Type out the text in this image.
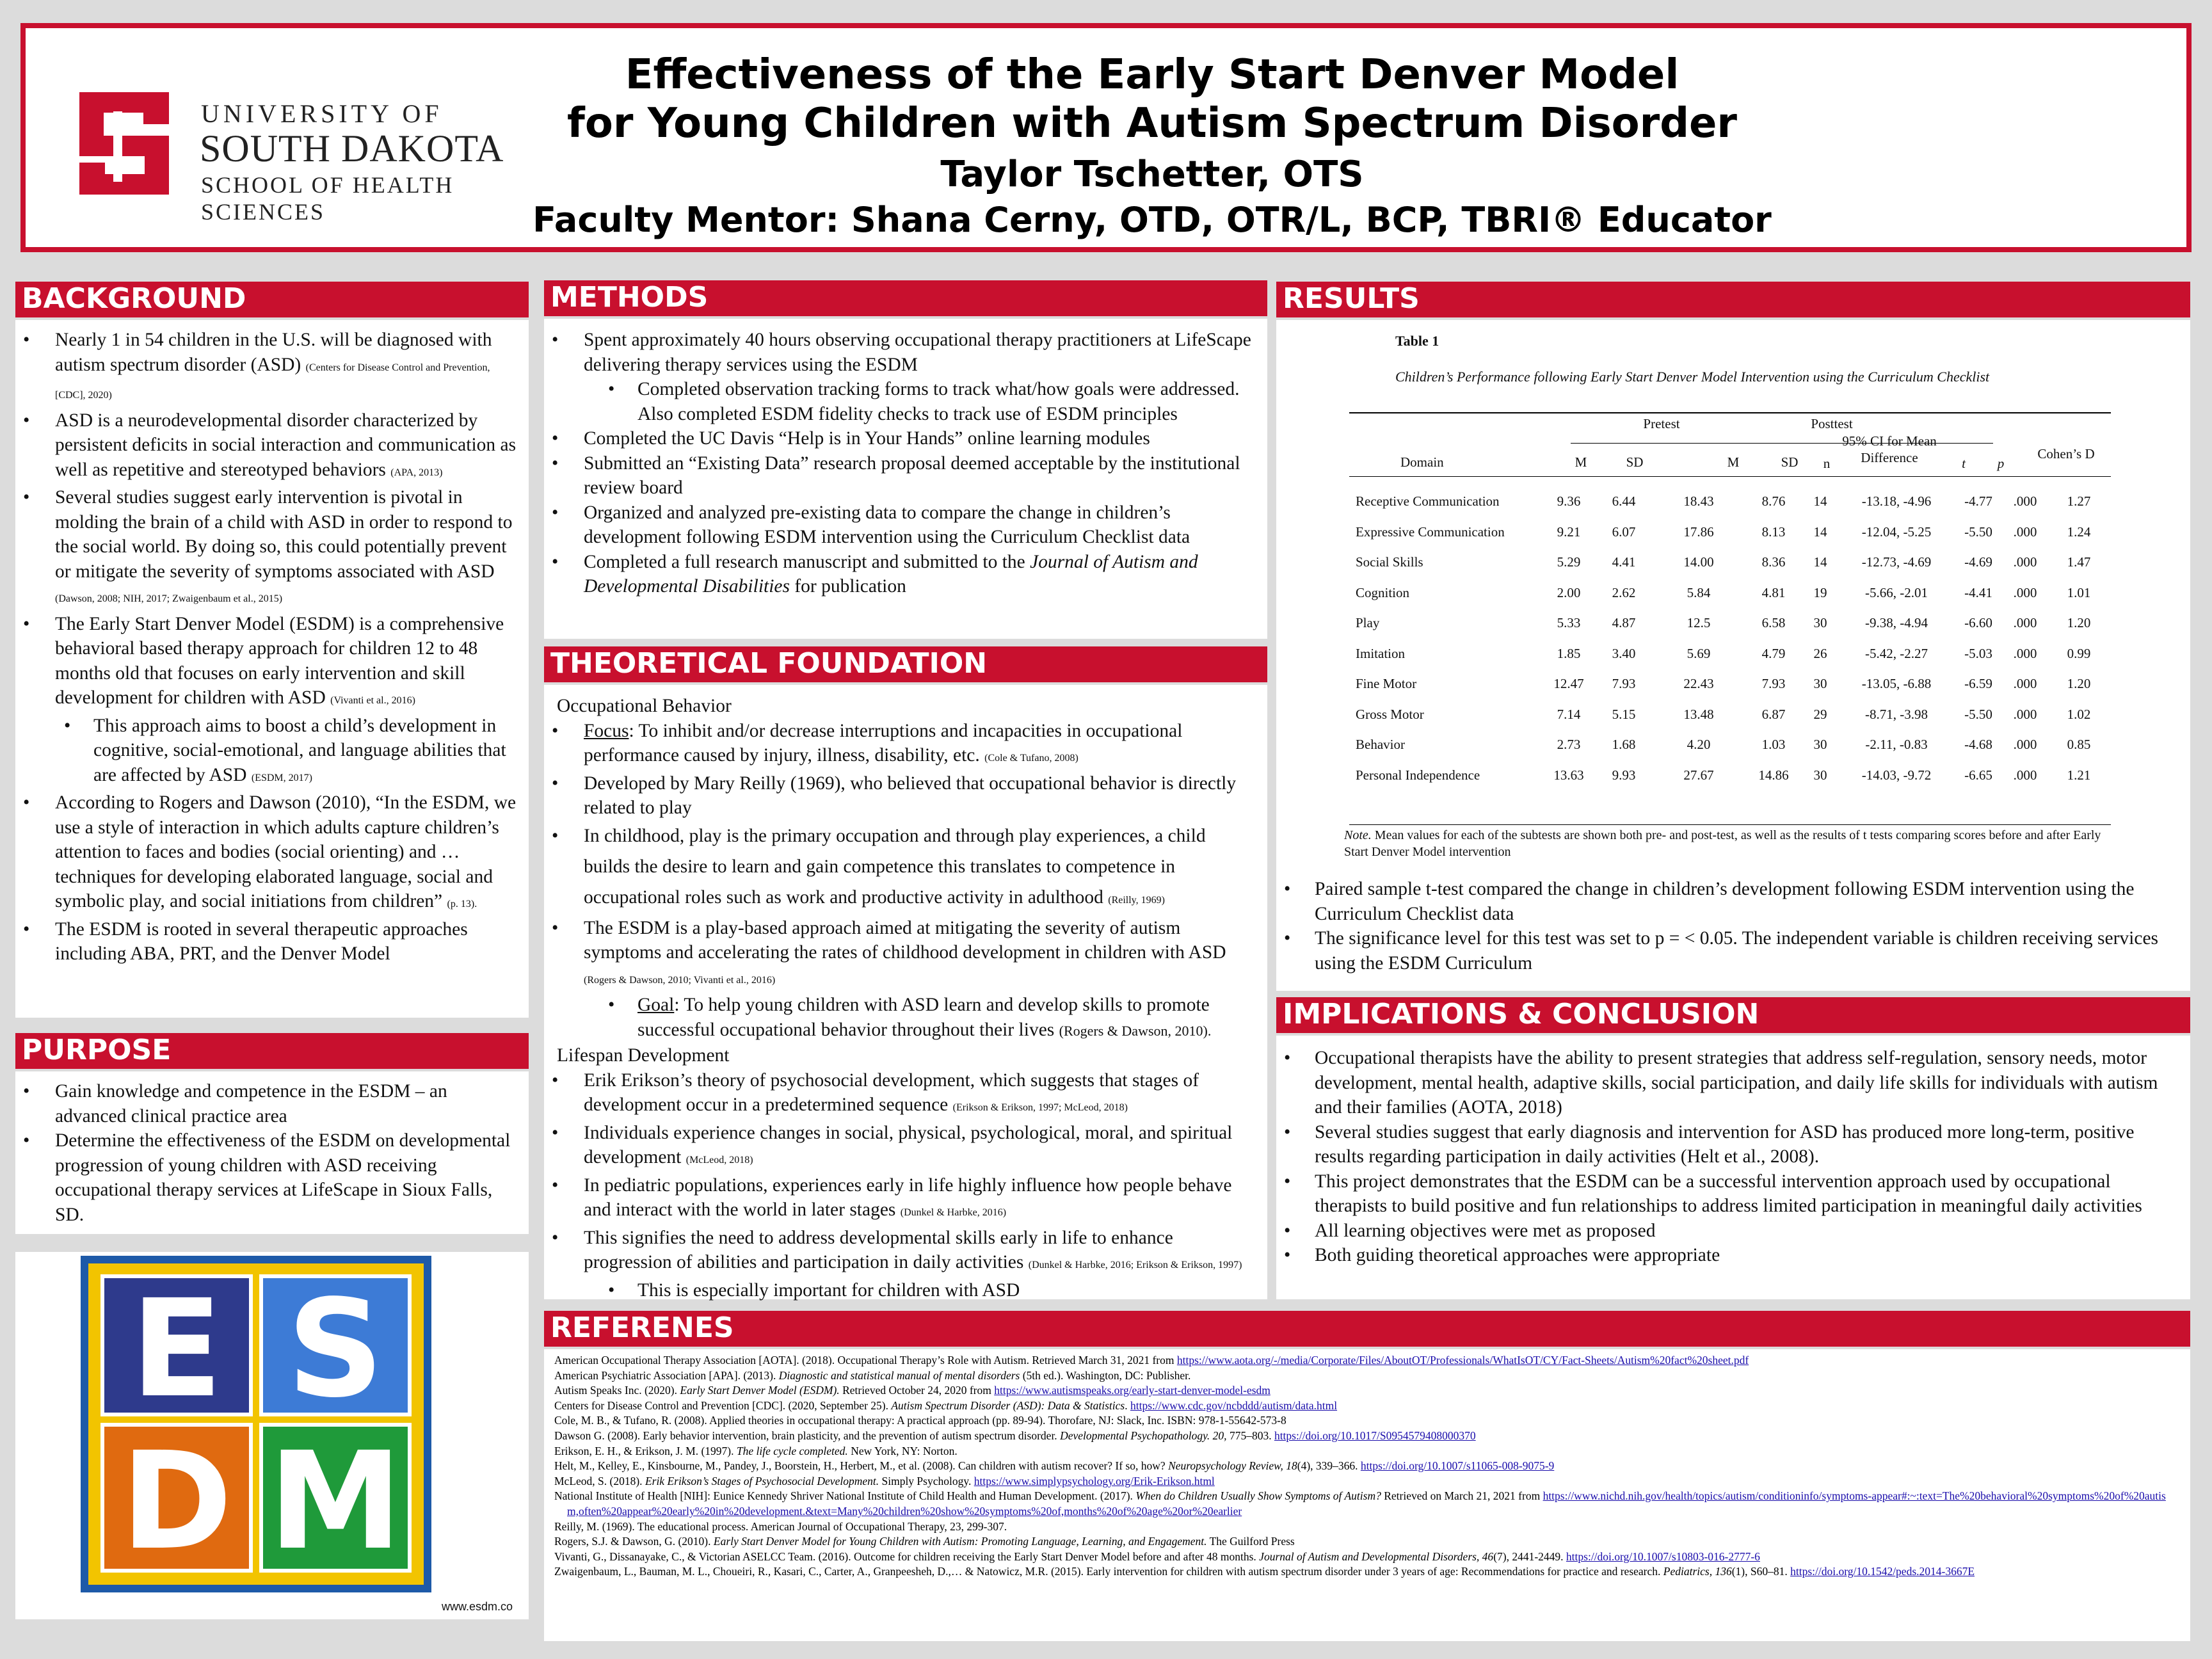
UNIVERSITY OF
SOUTH DAKOTA
SCHOOL OF HEALTH SCIENCES
Effectiveness of the Early Start Denver Model
for Young Children with Autism Spectrum Disorder
Taylor Tschetter, OTS
Faculty Mentor: Shana Cerny, OTD, OTR/L, BCP, TBRI® Educator
BACKGROUND
• Nearly 1 in 54 children in the U.S. will be diagnosed with autism spectrum disorder (ASD) (Centers for Disease Control and Prevention, [CDC], 2020)
• ASD is a neurodevelopmental disorder characterized by persistent deficits in social interaction and communication as well as repetitive and stereotyped behaviors (APA, 2013)
• Several studies suggest early intervention is pivotal in molding the brain of a child with ASD in order to respond to the social world. By doing so, this could potentially prevent or mitigate the severity of symptoms associated with ASD (Dawson, 2008; NIH, 2017; Zwaigenbaum et al., 2015)
• The Early Start Denver Model (ESDM) is a comprehensive behavioral based therapy approach for children 12 to 48 months old that focuses on early intervention and skill development for children with ASD (Vivanti et al., 2016)
• This approach aims to boost a child’s development in cognitive, social-emotional, and language abilities that are affected by ASD (ESDM, 2017)
• According to Rogers and Dawson (2010), “In the ESDM, we use a style of interaction in which adults capture children’s attention to faces and bodies (social orienting) and …techniques for developing elaborated language, social and symbolic play, and social initiations from children” (p. 13).
• The ESDM is rooted in several therapeutic approaches including ABA, PRT, and the Denver Model
PURPOSE
• Gain knowledge and competence in the ESDM – an advanced clinical practice area
• Determine the effectiveness of the ESDM on developmental progression of young children with ASD receiving occupational therapy services at LifeScape in Sioux Falls, SD.
E S
D M
www.esdm.co
METHODS
• Spent approximately 40 hours observing occupational therapy practitioners at LifeScape delivering therapy services using the ESDM
• Completed observation tracking forms to track what/how goals were addressed. Also completed ESDM fidelity checks to track use of ESDM principles
• Completed the UC Davis “Help is in Your Hands” online learning modules
• Submitted an “Existing Data” research proposal deemed acceptable by the institutional review board
• Organized and analyzed pre-existing data to compare the change in children’s development following ESDM intervention using the Curriculum Checklist data
• Completed a full research manuscript and submitted to the Journal of Autism and Developmental Disabilities for publication
THEORETICAL FOUNDATION
Occupational Behavior
• Focus: To inhibit and/or decrease interruptions and incapacities in occupational performance caused by injury, illness, disability, etc. (Cole & Tufano, 2008)
• Developed by Mary Reilly (1969), who believed that occupational behavior is directly related to play
• In childhood, play is the primary occupation and through play experiences, a child builds the desire to learn and gain competence this translates to competence in occupational roles such as work and productive activity in adulthood (Reilly, 1969)
• The ESDM is a play-based approach aimed at mitigating the severity of autism symptoms and accelerating the rates of childhood development in children with ASD (Rogers & Dawson, 2010; Vivanti et al., 2016)
• Goal: To help young children with ASD learn and develop skills to promote successful occupational behavior throughout their lives (Rogers & Dawson, 2010).
Lifespan Development
• Erik Erikson’s theory of psychosocial development, which suggests that stages of development occur in a predetermined sequence (Erikson & Erikson, 1997; McLeod, 2018)
• Individuals experience changes in social, physical, psychological, moral, and spiritual development (McLeod, 2018)
• In pediatric populations, experiences early in life highly influence how people behave and interact with the world in later stages (Dunkel & Harbke, 2016)
• This signifies the need to address developmental skills early in life to enhance progression of abilities and participation in daily activities (Dunkel & Harbke, 2016; Erikson & Erikson, 1997)
• This is especially important for children with ASD
RESULTS
Table 1
Children’s Performance following Early Start Denver Model Intervention using the Curriculum Checklist
Pretest	Posttest
Domain	M	SD	M	SD	n
95% CI for Mean Difference	t	p
Cohen’s D
Receptive Communication	9.36	6.44	18.43	8.76	14	-13.18, -4.96	-4.77	.000	1.27
Expressive Communication	9.21	6.07	17.86	8.13	14	-12.04, -5.25	-5.50	.000	1.24
Social Skills	5.29	4.41	14.00	8.36	14	-12.73, -4.69	-4.69	.000	1.47
Cognition	2.00	2.62	5.84	4.81	19	-5.66, -2.01	-4.41	.000	1.01
Play	5.33	4.87	12.5	6.58	30	-9.38, -4.94	-6.60	.000	1.20
Imitation	1.85	3.40	5.69	4.79	26	-5.42, -2.27	-5.03	.000	0.99
Fine Motor	12.47	7.93	22.43	7.93	30	-13.05, -6.88	-6.59	.000	1.20
Gross Motor	7.14	5.15	13.48	6.87	29	-8.71, -3.98	-5.50	.000	1.02
Behavior	2.73	1.68	4.20	1.03	30	-2.11, -0.83	-4.68	.000	0.85
Personal Independence	13.63	9.93	27.67	14.86	30	-14.03, -9.72	-6.65	.000	1.21
Note. Mean values for each of the subtests are shown both pre- and post-test, as well as the results of t tests comparing scores before and after Early Start Denver Model intervention
• Paired sample t-test compared the change in children’s development following ESDM intervention using the Curriculum Checklist data
• The significance level for this test was set to p = < 0.05. The independent variable is children receiving services using the ESDM Curriculum
IMPLICATIONS & CONCLUSION
• Occupational therapists have the ability to present strategies that address self-regulation, sensory needs, motor development, mental health, adaptive skills, social participation, and daily life skills for individuals with autism and their families (AOTA, 2018)
• Several studies suggest that early diagnosis and intervention for ASD has produced more long-term, positive results regarding participation in daily activities (Helt et al., 2008).
• This project demonstrates that the ESDM can be a successful intervention approach used by occupational therapists to build positive and fun relationships to address limited participation in meaningful daily activities
• All learning objectives were met as proposed
• Both guiding theoretical approaches were appropriate
REFERENES
American Occupational Therapy Association [AOTA]. (2018). Occupational Therapy’s Role with Autism. Retrieved March 31, 2021 from https://www.aota.org/-/media/Corporate/Files/AboutOT/Professionals/WhatIsOT/CY/Fact-Sheets/Autism%20fact%20sheet.pdf
American Psychiatric Association [APA]. (2013). Diagnostic and statistical manual of mental disorders (5th ed.). Washington, DC: Publisher.
Autism Speaks Inc. (2020). Early Start Denver Model (ESDM). Retrieved October 24, 2020 from https://www.autismspeaks.org/early-start-denver-model-esdm
Centers for Disease Control and Prevention [CDC]. (2020, September 25). Autism Spectrum Disorder (ASD): Data & Statistics. https://www.cdc.gov/ncbddd/autism/data.html
Cole, M. B., & Tufano, R. (2008). Applied theories in occupational therapy: A practical approach (pp. 89-94). Thorofare, NJ: Slack, Inc. ISBN: 978-1-55642-573-8
Dawson G. (2008). Early behavior intervention, brain plasticity, and the prevention of autism spectrum disorder. Developmental Psychopathology. 20, 775–803. https://doi.org/10.1017/S0954579408000370
Erikson, E. H., & Erikson, J. M. (1997). The life cycle completed. New York, NY: Norton.
Helt, M., Kelley, E., Kinsbourne, M., Pandey, J., Boorstein, H., Herbert, M., et al. (2008). Can children with autism recover? If so, how? Neuropsychology Review, 18(4), 339–366. https://doi.org/10.1007/s11065-008-9075-9
McLeod, S. (2018). Erik Erikson’s Stages of Psychosocial Development. Simply Psychology. https://www.simplypsychology.org/Erik-Erikson.html
National Institute of Health [NIH]: Eunice Kennedy Shriver National Institute of Child Health and Human Development. (2017). When do Children Usually Show Symptoms of Autism? Retrieved on March 21, 2021 from https://www.nichd.nih.gov/health/topics/autism/conditioninfo/symptoms-appear#:~:text=The%20behavioral%20symptoms%20of%20autism,often%20appear%20early%20in%20development.&text=Many%20children%20show%20symptoms%20of,months%20of%20age%20or%20earlier
Reilly, M. (1969). The educational process. American Journal of Occupational Therapy, 23, 299-307.
Rogers, S.J. & Dawson, G. (2010). Early Start Denver Model for Young Children with Autism: Promoting Language, Learning, and Engagement. The Guilford Press
Vivanti, G., Dissanayake, C., & Victorian ASELCC Team. (2016). Outcome for children receiving the Early Start Denver Model before and after 48 months. Journal of Autism and Developmental Disorders, 46(7), 2441-2449. https://doi.org/10.1007/s10803-016-2777-6
Zwaigenbaum, L., Bauman, M. L., Choueiri, R., Kasari, C., Carter, A., Granpeesheh, D.,… & Natowicz, M.R. (2015). Early intervention for children with autism spectrum disorder under 3 years of age: Recommendations for practice and research. Pediatrics, 136(1), S60–81. https://doi.org/10.1542/peds.2014-3667E
